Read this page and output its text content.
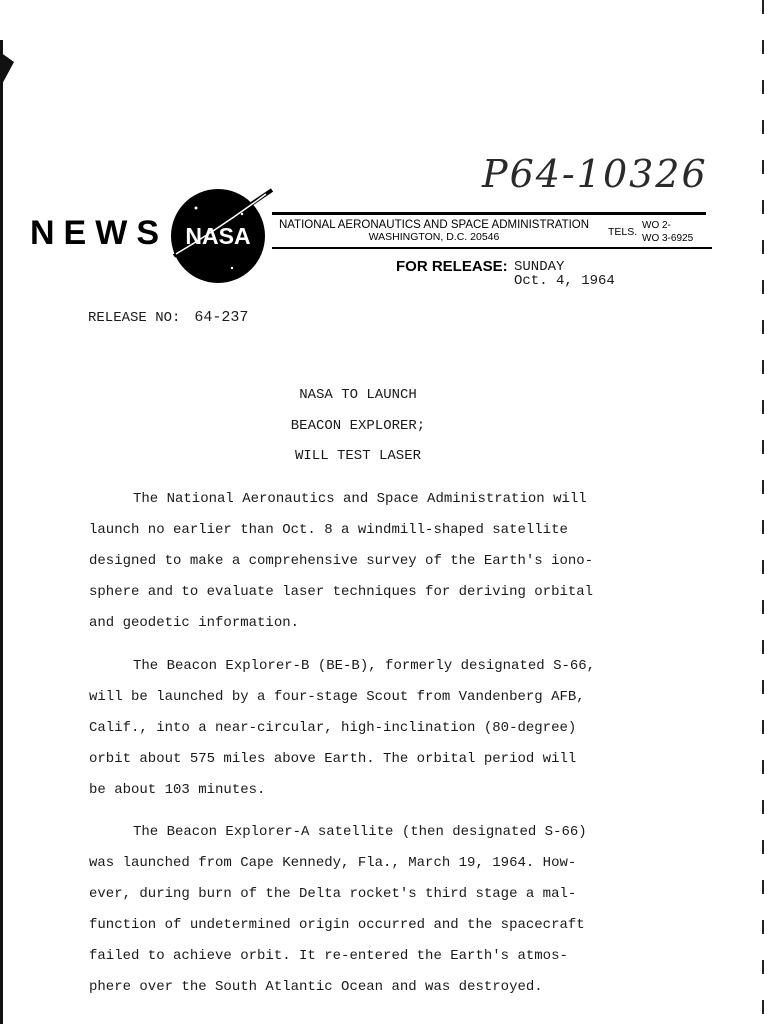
P64-10326
NEWS NASA	NATIONAL AERONAUTICS AND SPACE ADMINISTRATION
WASHINGTON, D.C. 20546	TELS.
WO 2-
WO 3-6925
FOR RELEASE: SUNDAY
Oct. 4, 1964
RELEASE NO: 64-237
NASA TO LAUNCH
BEACON EXPLORER;
WILL TEST LASER
The National Aeronautics and Space Administration will
launch no earlier than Oct. 8 a windmill-shaped satellite
designed to make a comprehensive survey of the Earth's iono-
sphere and to evaluate laser techniques for deriving orbital
and geodetic information.
The Beacon Explorer-B (BE-B), formerly designated S-66,
will be launched by a four-stage Scout from Vandenberg AFB,
Calif., into a near-circular, high-inclination (80-degree)
orbit about 575 miles above Earth. The orbital period will
be about 103 minutes.
The Beacon Explorer-A satellite (then designated S-66)
was launched from Cape Kennedy, Fla., March 19, 1964. How-
ever, during burn of the Delta rocket's third stage a mal-
function of undetermined origin occurred and the spacecraft
failed to achieve orbit. It re-entered the Earth's atmos-
phere over the South Atlantic Ocean and was destroyed.
